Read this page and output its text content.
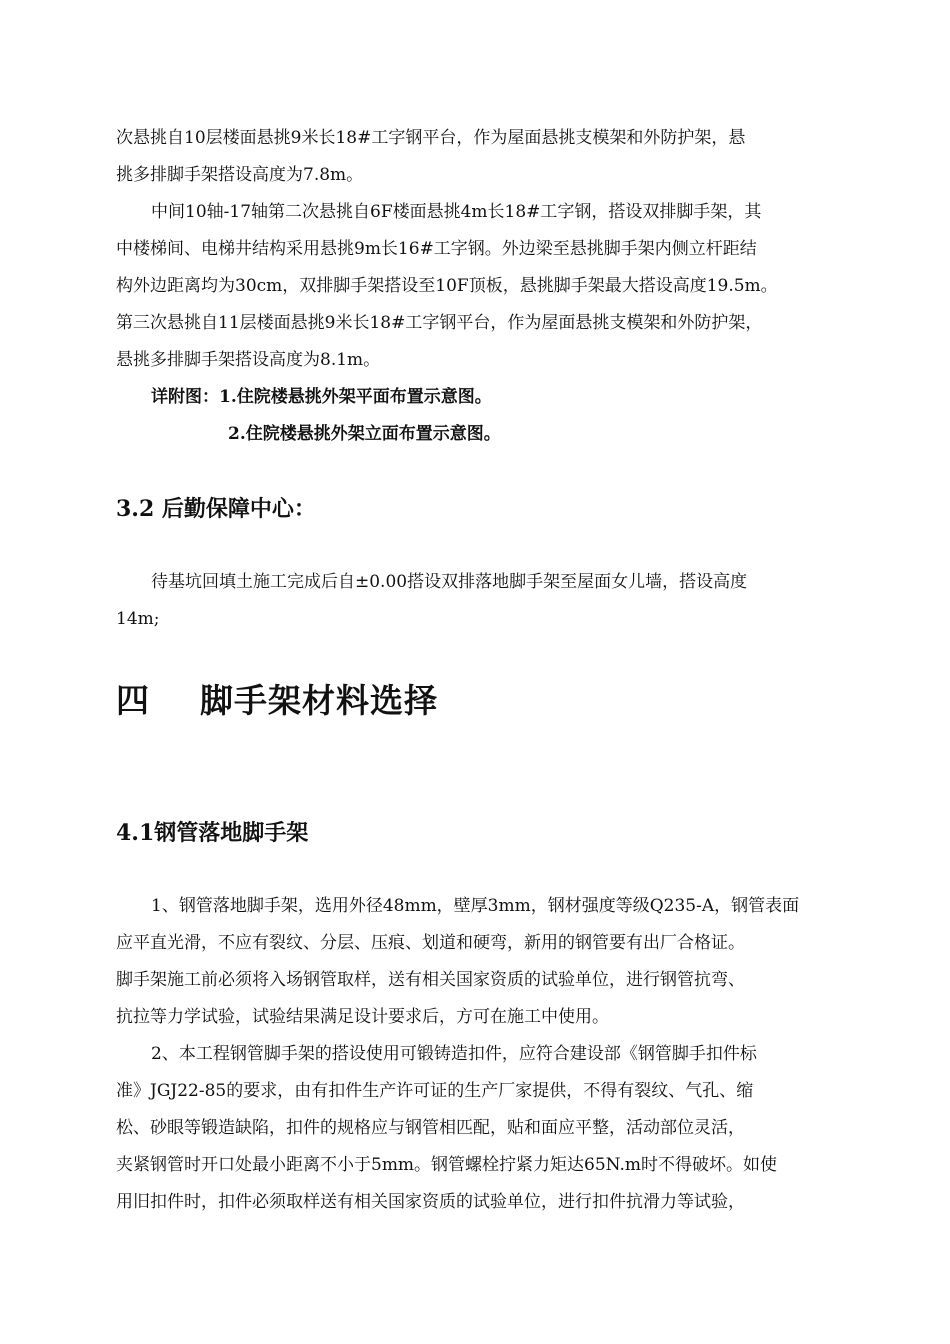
次悬挑自10层楼面悬挑9米长18#工字钢平台，作为屋面悬挑支模架和外防护架，悬
挑多排脚手架搭设高度为7.8m。
中间10轴-17轴第二次悬挑自6F楼面悬挑4m长18#工字钢，搭设双排脚手架，其
中楼梯间、电梯井结构采用悬挑9m长16#工字钢。外边梁至悬挑脚手架内侧立杆距结
构外边距离均为30cm，双排脚手架搭设至10F顶板，悬挑脚手架最大搭设高度19.5m。
第三次悬挑自11层楼面悬挑9米长18#工字钢平台，作为屋面悬挑支模架和外防护架，
悬挑多排脚手架搭设高度为8.1m。
详附图：1.住院楼悬挑外架平面布置示意图。
2.住院楼悬挑外架立面布置示意图。
3.2 后勤保障中心：
待基坑回填土施工完成后自±0.00搭设双排落地脚手架至屋面女儿墙，搭设高度
14m;
四    脚手架材料选择
4.1钢管落地脚手架
1、钢管落地脚手架，选用外径48mm，壁厚3mm，钢材强度等级Q235-A，钢管表面
应平直光滑，不应有裂纹、分层、压痕、划道和硬弯，新用的钢管要有出厂合格证。
脚手架施工前必须将入场钢管取样，送有相关国家资质的试验单位，进行钢管抗弯、
抗拉等力学试验，试验结果满足设计要求后，方可在施工中使用。
2、本工程钢管脚手架的搭设使用可锻铸造扣件，应符合建设部《钢管脚手扣件标
准》JGJ22-85的要求，由有扣件生产许可证的生产厂家提供，不得有裂纹、气孔、缩
松、砂眼等锻造缺陷，扣件的规格应与钢管相匹配，贴和面应平整，活动部位灵活，
夹紧钢管时开口处最小距离不小于5mm。钢管螺栓拧紧力矩达65N.m时不得破坏。如使
用旧扣件时，扣件必须取样送有相关国家资质的试验单位，进行扣件抗滑力等试验，
